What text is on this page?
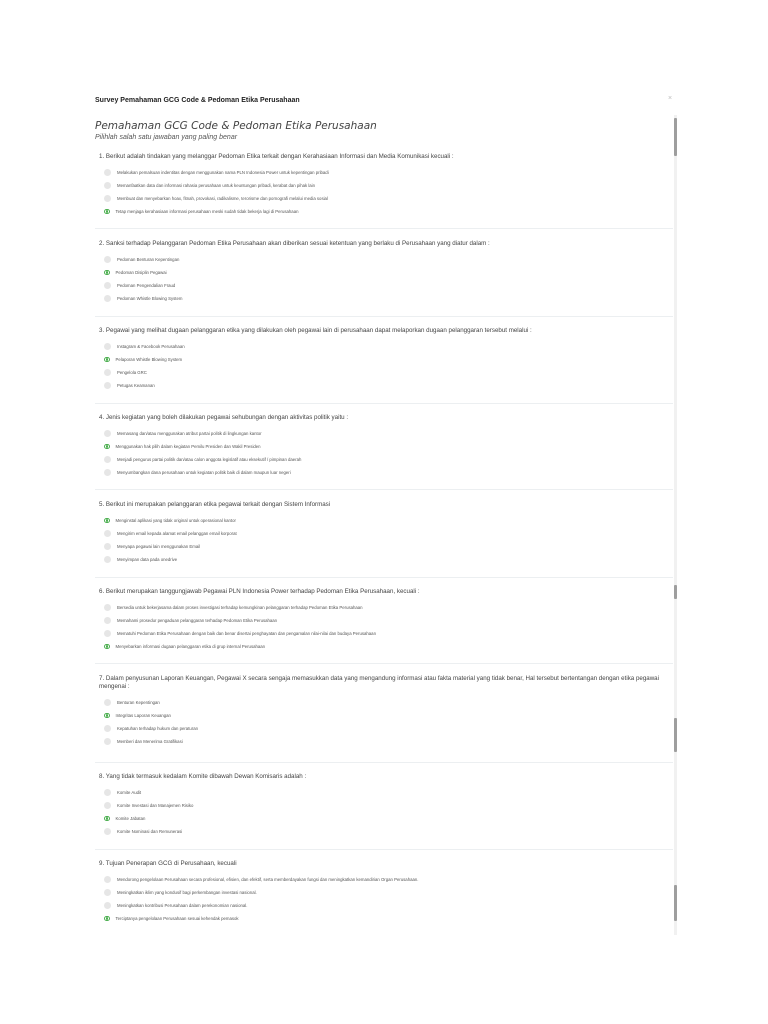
Survey Pemahaman GCG Code & Pedoman Etika Perusahaan	×
Pemahaman GCG Code & Pedoman Etika Perusahaan
Pilihlah salah satu jawaban yang paling benar
1. Berikut adalah tindakan yang melanggar Pedoman Etika terkait dengan Kerahasiaan Informasi dan Media Komunikasi kecuali :
Melakukan pemalsuan indentitas dengan menggunakan nama PLN Indonesia Power untuk kepentingan pribadi
Memanfaatkan data dan informasi rahasia perusahaan untuk keuntungan pribadi, kerabat dan pihak lain
Membuat dan menyebarkan hoax, fitnah, provokasi, radikalisme, terorisme dan pornografi melalui media sosial
Tetap menjaga kerahasiaan informasi perusahaan meski sudah tidak bekerja lagi di Perusahaan
2. Sanksi terhadap Pelanggaran Pedoman Etika Perusahaan akan diberikan sesuai ketentuan yang berlaku di Perusahaan yang diatur dalam :
Pedoman Benturan Kepentingan
Pedoman Disiplin Pegawai
Pedoman Pengendalian Fraud
Pedoman Whistle Blowing System
3. Pegawai yang melihat dugaan pelanggaran etika yang dilakukan oleh pegawai lain di perusahaan dapat melaporkan dugaan pelanggaran tersebut melalui :
Instagram & Facebook Perusahaan
Pelaporan Whistle Blowing System
Pengelola GRC
Petugas Keamanan
4. Jenis kegiatan yang boleh dilakukan pegawai sehubungan dengan aktivitas politik yaitu :
Memasang dan/atau menggunakan atribut partai politik di lingkungan kantor
Menggunakan hak pilih dalam kegiatan Pemilu Presiden dan Wakil Presiden
Menjadi pengurus partai politik dan/atau calon anggota legislatif atau eksekutif / pimpinan daerah
Menyumbangkan dana perusahaan untuk kegiatan politik baik di dalam maupun luar negeri
5. Berikut ini merupakan pelanggaran etika pegawai terkait dengan Sistem Informasi
Menginstal aplikasi yang tidak original untuk operasional kantor
Mengirim email kepada alamat email pelanggan email korporat
Menyapa pegawai lain menggunakan Email
Menyimpan data pada onedrive
6. Berikut merupakan tanggungjawab Pegawai PLN Indonesia Power terhadap Pedoman Etika Perusahaan, kecuali :
Bersedia untuk bekerjasama dalam proses investigasi terhadap kemungkinan pelanggaran terhadap Pedoman Etika Perusahaan
Memahami prosedur pengaduan pelanggaran terhadap Pedoman Etika Perusahaan
Mematuhi Pedoman Etika Perusahaan dengan baik dan benar disertai penghayatan dan pengamalan nilai-nilai dan budaya Perusahaan
Menyebarkan informasi dugaan pelanggaran etika di grup internal Perusahaan
7. Dalam penyusunan Laporan Keuangan, Pegawai X secara sengaja memasukkan data yang mengandung informasi atau fakta material yang tidak benar, Hal tersebut bertentangan dengan etika pegawai mengenai :
Benturan Kepentingan
Integritas Laporan Keuangan
Kepatuhan terhadap hukum dan peraturan
Memberi dan Menerima Gratifikasi
8. Yang tidak termasuk kedalam Komite dibawah Dewan Komisaris adalah :
Komite Audit
Komite Investasi dan Manajemen Risiko
Komite Jabatan
Komite Nominasi dan Remunerasi
9. Tujuan Penerapan GCG di Perusahaan, kecuali
Mendorong pengelolaan Perusahaan secara profesional, efisien, dan efektif, serta memberdayakan fungsi dan meningkatkan kemandirian Organ Perusahaan.
Meningkatkan iklim yang kondusif bagi perkembangan investasi nasional.
Meningkatkan kontribusi Perusahaan dalam perekonomian nasional.
Terciptanya pengelolaan Perusahaan sesuai kehendak pemasok
